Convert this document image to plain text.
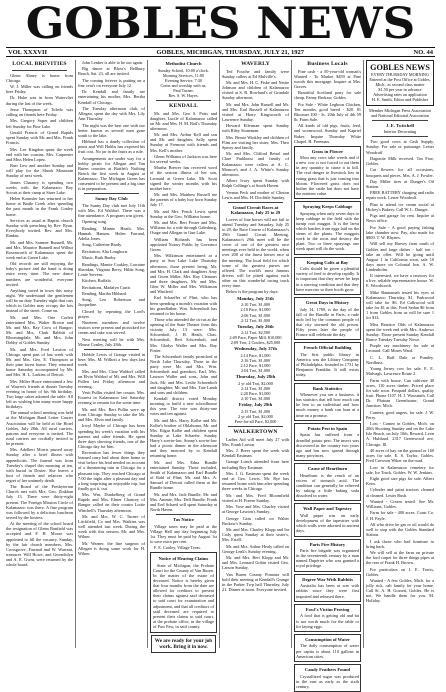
GOBLES NEWS
VOL XXXVII	GOBLES, MICHIGAN, THURSDAY, JULY 21, 1927	NO. 44
LOCAL BREVITIES

Glenn Abney is home from Chicago.

W. J. Miller was calling on friends here Friday.

Dr. Hoke was in from Watervliet during the last of the week.

Jesse Thompson of Toledo was calling on friends here Friday.

Mrs. Gregory Soper and children left Sunday for Pine Lake.

Gerald Francis of Grand Rapids spent Sunday with Mr. and Mrs. Frank Francis.

Mrs. Lee Kingdon spent the week end with her cousins, Mrs. Carpenter and Miss Helen Lopez.

Burr Lew and another Sunday and will play for the Shook Mountain Sunday of next week.

James Chauncy is spending two weeks with the Kalamazoo Boy Scouts at their camp at Stuer Lake.

Helen Kounsler has returned to her home at Battle Creek after spending the past month in the Frank Conley home.

Services as usual at Baptist church Sunday with preaching by Rev. Ryan. Everybody invited. Rev. and Mrs. Rankin.

Mr. and Mrs. Sonmer Bunnell, Mr. and Mrs. Maurice Bunnell and Wilbur Rosenworth of Kalamazoo spent the week end at Green Lake.

Old records are still enjoying the baby's picture and the band is doing extra every time. The new dance numbers are wonderful, everyone invited.

Anything saved in town this noisy night. We understand the gentlemen will be on duty Tuesday night that cars which in Gobles may occupy the lots instead of the street. Come on.

Mr. and Mrs. Orie Corlett entertained Mrs. Walter Brown and Mr. and Mrs. Ray Crow of Bangor; Mr. and Mrs. Clark Babbitt of Bloomingdale, Mr. and Mrs. John Dobby of Gobles Sunday.

Mr. and Mrs. Fred Lawton of Chicago spent part of last week with Mr. and Mrs. Geo. E. Thompson at their pine forest home. They returned home Saturday accompanied by Mr. and Mrs. H. L. Larkins of Detroit.

Mrs. Miller Howe entertained a few of Warren's friends at dinner Tuesday evening in honor of his 9th birthday. Two large cakes adorned the table. All left us wishing him many more happy birthdays.

The annual school meeting was held at the Michigan Band Letter Carrier Association will be held at the Hotel Gobles, July 28th. All rural carriers, patrons and everyone is invited. The rural carriers are cordially invited to be present.

Mrs. Adelbert Morris passed away Sunday after a brief illness with appendicitis. The funeral was from Tuesday's chapel this morning at ten, with burial in Doster. She leaves a host of friends and relatives who regret of her untimely death.

The Board of the Presbyterian Church met with Mrs. Geo. Zinkhan July 13. There were thirty-eight present. The Foreign Mission Circle of Kalamazoo was there. A fine program was followed by a delicious luncheon served by the hostess.

At the meeting of the school board the resignation of Glenn Banfield was accepted and F. H. Moore was appointed to fill the vacancy. Sunday, by the fair church members, Mrs. Crossgrove, Farrand and W. Warrant, treasurer. Will Howe, and Gwendolyn and A. E. Gwnr, were returned by the whole board.

John Lenker is able to be out again.

Big dance at Bloss's Bellbury Beach, Sat. 23, all are invited.

The coming forever is putting on a fine cent's on everyone July 12.

Dr. Kendall and family are entertaining his mother, Mrs. Bertha Kendall of Chicago.

The Tuesday afternoon club, of Allegan, spent the day with Mrs. Lily Ann Thursday.

The night was the best one with our better known as several men gone south to the lake.

Hibbard has a dandy collection of ponts and Will Hobbs has exposed his fruit cost. No jar in the fruits as a rule.

Arrangements are under way for a hobby picnic for Allegan and Van Buren counties at Bartlet's Nothing Beach the first week in August at Kalamazoo. The Michigan Green has consented to be present and a big time is in preparation.

Sunny Day Club

The Sunny Day club met July 11th with Mrs. Ed Waldorf. There was a fine attendance. A program was given.

Opening song.

Reading, Minnie Heath, Mrs. Hannah Hansen, Helen Farrand, Adelia Jones.

Song, Catherine Brady.

Recitation, Alta Longhorn.

Music, Ruth Rueby.

Readings, Mamie Coakley, Lorraine Sheridan, Virginia Berry, Hilda Song, Louie Stevens.

Kitchen, Buffalo

Recitations, Madalyn Curtis

Reading, Martha Hibbard.

Song, Leo Robertson and Jacqueline.

Closed by repeating the Lord's prayer.

Nineteen members and twelve visitors were present and picnicked ice cream and cake was served.

Next meeting will be with Mrs. Mouse Conley, July 28th.

Hobble Lewis of Grange visited in here. Mrs. M. Wilhott a few days last week.

Mrs. and Mrs. Clare Waldorf called on Elvin Waldorf of Mt. and Mrs. Will Fullen last Friday afternoon and evening.

Vesti Pullin visited her cousin, Mrs. Fourest in Kalamazoo last Saturday evening to remain for the some time.

Mr. and Mrs. Bert Pullin were up from Chicago Sunday to take the Mr. and Mrs. Elvin and family.

Irwyl Maybe of Chicago has been spending his week's vacation with his parents and other friends. He spent three days showing friends, one of the Chicago day for him.

Recreation has fewer things they learned carry had about there home to visit before his lead needed on account of a threatening rain in Chicago for a pleasant trip. They reached Chicago at 7:00 the night after a pleasant day and a long surprising an enjoyable trip, but finally got it, out.

Mrs. Wm. Dunkelberg of Grand Rapids and Mrs. Elmer Chancey of Bangor called on their cousin Lottie Winchell's Thursday afternoon.

Mr. and Mrs. W. C. Turner of Litchfield, Co and Mrs. Watkins was well attended last week. During the week with this session, Mr. and Mrs. Wilner.

Mr. Warner, the line surgeon of Allegan is doing some work for H. Wilner.

Methodist Church
Sunday School, 10:00 o'clock.
Morning Services, 11:00
Evening Service, 7:30
Come and worship with us.
Paul Turner.
Rev. S. W. Hayes.
KENDALL

Mr. and Mrs. Geo S. Potts and daughter, Lucile of Kalamazoo called on Mr. and Mrs. H. M. Bail's Thursday afternoon.

Mr. and Mrs. Arthur Kell and son and Mr. and daughter, Sally spent Sunday at Fremont with friends and Mrs. Kell's mother.

Glenn Williams of Jackson was here for several weeks.

Martha Brewer has received word of the serious illness of her son, Leonard at Green Lake. Mr. Scott signed the winter months with his mother here.

Mr. and Mrs. Matthew Russell are the parents of a baby boy born Sunday July 17.

Mr. and Mrs. Fenck Lewis spent Sunday at the Geo. Williams home.

Mr. and Mrs. Bert Foster and Mrs. Williams for a ride through Galesburg, Osage and Allegan in Gun Lake.

William Richards has been appointed Notary Public by Governor Green.

Mrs. Wilkinson entertained at a party at Sun Lake Lake Thursday afternoon, those present being, Mr. and Mrs. H. Clark and daughters Amy and Gwen Miller, Mrs. Ray Clemons and three daughters, Mr. and Mrs. Glen W. Miller and Mrs. Wilkinson and Winifred.

Earl Schaeffer of Flint, who has been spending a month's vacation with his grandfather, Wm. Schoenhoft has returned to his home.

Those who attended the circus at the opening of the State Theater from this vicinity July 13 were: Mrs. Schoenhoft, J. H. Heath, Chas. Schoenhoft, Bert Schoenhoft, and Mrs. Gladys Waller and Mrs. Ray Foster.

The Schoenhoft family picnicked at North Lake Thursday. Those in the party were Mr. and Mrs. Wm. Schoenhoft and grandson, Earl, Mrs. Lawson Waller and sons, John and Jack, Mr. and Mrs. Leslie Schoenhoft and daughter, Mr. and Mrs. Tate Lamb and sons and children.

Kendall district voted Monday morning to build a new schoolhouse this year. The vote was thirty-one votes and ten against.

Mr. and Mrs. Harry Kolbe and Mr. Kolbe's brother of Oklahoma, Mr. and Mrs. Edgar Kolbe and children spent Sunday at Lake Schaefer. Sunday Harry's son-in-law. Sonny's son-in-law had a picnic dinner in the afternoon and they motored by to Kendall returning home.

Mr. and Mrs. Edna Bundle entertained Sunday. Those included, Smith of Kalamazoo and Earl Bundle of Rahl of Flint; Mr. and Mrs. A. Samuel of Detroit called them at the Rundle home.

Mr. and Mrs. Jack Bundle, Mr. and Mrs. Ammie, Mrs. Dell Bundle, Frank and Earl Schaed will spent Saturday at North Haven.

Tax Notice

Village taxes may be paid at the Village Hall any day beginning July 1st. They must be paid by August 1st to save extra per cent.

F. E. Cooley, Village Treas.

Notice of Hearing Claims

State of Michigan, the Probate Court for the County of Van Buren. In the matter of the estate of deceased. Notice is hereby given that four months from the date are allowed for creditors to present their claims against said deceased to said court for examination and adjustment, and that all creditors of said deceased are required to present their claims to said court, at the probate office, in the village of Paw Paw, in said county.

We are ready for your job work. Bring it in now.
WAVERLY

Ted Fouche and family were Sunday callers at Ed Mulville's.

Mr. and Mrs. H. C. Fiske and Nettie Johnson and children of Kalamazoo visited at S. B. Rowland's of Grindale Sunday afternoon.

Mr. and Mrs. John Russell and Mr. and Mrs. Earl Russell of Kalamazoo visited at Harry Kingsworth of Lawrence Sunday.

Howard Eilerman spent Sunday with Riley Stoneman.

Mrs. Bessie Winkley and children of Flint are visiting her sister, Mrs. Theo Sperry and family.

Mr. and Mrs. Clifford Beisel and Clare Parkhurst and family of Kalamazoo were callers at A. C. Monroe's and J. A. White's Sunday afternoon.

Albert Ivory spent Sunday with Ralph Collinge's at South Haven.

Vernon Peck and mother of Clinton Lewis and Mrs. H. Doolittle Sunday.

Grand Circuit Races at Kalamazoo, July 25 to 29

Lovers of fine horses will not fail to attend Tuesday and Saturday, July 25 to 29, the Race Course of Kalamazoo's 29th Grand Circuit Meeting. Kalamazoo's 29th meet will be the cover of one of the greatest race meetings ever held in the world, when over 200 of the finest horses race at the meeting. The local field for which some of the greatest purses are offered. The world's most famous drivers will be pitted against each other on this wonderful racing track every time.

Below is the program by days:

Monday, July 25th
2:10 Trot, $1,000
2:10 Pace, $1,000
2:06 Trot, $1,000
2:12 Trot, $1,000
Tuesday, July 26th
2:12 Trot, $2,500
2:09 Pace, Paper Mill, $10,000
2:09 Trot, 2 Coulers, $25,000
Wednesday, July 27th
2:14 Pace, $1,000
2:16 Trot, $1,000
2:12 Pace, $1,000
2:04 Trot, $1,000
Thursday, July 28th
2 yr old Trot, $2,000
2:14 Trot, $1,000
2:20 Pace, $1,000
2:10 Trot, $1,000
Friday, July 29th
2:15 Trot, $1,000
2 yr old Trot, $2,000
Free-for-all Pace, $2,000
WALKERTOWN

Ladies Aid will meet July 27 with Mrs. Frank Larson.

Mrs. J. Breer spent the week with Kendall Eastman.

Grange Lunch attended from here including Roy Eastman.

Mrs. J. G. Eastman spent the week end at Geo. Lewis. Mr. Rye has returned home with him after spending three weeks in Chicago.

Mr. and Mrs. Fred Bloomfield visited at H. Freese Sunday.

Mrs. Vose and Mrs. Charley visited at George Lawton's Sunday.

George Cain called on Walter Brokaw's Sunday.

Mr. and Mrs. Charley Klopp and Ira Cody spent Sunday at their sister's, Mrs. Estell.

Mr. and Mrs. Arthur Healy called on George Lenk's Sunday evening.

Mr. and Mrs. Bert Klopp and Mr. and Mrs. Leonard Gobin visited Geo. Larson Sunday.

Van Buren County Pomona will hold their meeting at Kendall's Grange in the Parker Twp hall Thursday, July 21. Dinner at noon. Everyone invited.

Business Locals

Fine cash - a 50-year-old woman's Wanted - To Market $459 at Pine woods this mortgage. Inquire at Mrs. Graves.

Beautiful Scotland pony for sale cheap. Fanny Brokaw, Gobles.

For Sale - White Leghorn Chicken, Ten months, good breed - $20. 81 Bloomer 100 - 3c. 20th July of 4th 59 lb. Farm Sale.

All kinds of old pigs, fruits, feed, and wormwood, Sunday and Kapriel Baker. Inquire Thursday White Chapel. H. Freeman.

Grass in Flower

Most any cows take weeds and if a new cow is not forced to eat them in any quantity to cause it to kill. The real danger to livestock lies in eating grass that is just coming into bloom. Flowered grass does not bother the cattle but does not have the nutrient value.

Spraying Keeps Cabbage

Spraying when only seven days to keep cabbage in the field with the turnip root maggot. It is the larva which hatches from eggs laid on the stems of the plants. The maggots work in the roots and destroy the plant. Two or three sprayings one week apart will do the work.

Keeping Colts at Bay

Colts should be given a plentiful variety of feed to develop rapidly. It is important that they never be kept in a starving condition and that they have exercise so their hoofs grow.

Great Days in History

July 14, 1789, is the day of the fall of the Bastille in Paris, a rude mob led by the common people of that city stormed the old prison. Fifty years later the people of France still celebrate the day.

French Official Building

The first public library in America was the Library Company of Philadelphia, founded in 1731 by Benjamin Franklin. It still exists today.

Bank Statistics

Whenever you see a business, it has statistics that tell how much can be lent to an individual and how much money a bank can loan at a time on a promise.

Potato Pest in Spain

Spain has suffered from a dreadful potato pest. The insect was discovered in the country two years ago and has now spread through many provinces.

Cause of Heartburn

Heartburn is the result of an excess of stomach acid. The condition can generally be relieved by taking a little baking soda dissolved in water.

Wall Paper and Tapestry

Wall paper was an early development of the tapestries with which walls were adorned in ancient days.

Paris Fire History

Paris fire brigade was organized in the seventeenth century by a man named Dupérier who was granted a royal privilege.

Degree War With Rabbits

Australia has been at war with rabbits since they were first imported and released there.

Fowl's Victim Proving

A fowl that is getting old and fat is not worth much for the table or for laying eggs.

Consumption of Water

The daily consumption of water per capita is about 110 gallons in American cities.

Candy Feathers Found

Crystallized sugar was produced in the east as early as the sixth century.

GOBLES NEWS
EVERY THURSDAY MORNING
Entered at the Post Office at Gobles, Mich., as second class matter
$1.50 per year in advance
Advertising rates on application
H. E. Smith, Editor and Publisher
Member Michigan Press Association and National Editorial Association
J. E. Twitchell
Interior Decorating

Two good cows at Cash Supply, Sunday. For sale or pasturage. Lester Woodruff.

Dagonite Milk received. Tax Fixe, Gobles.

Cut flowers for all occasions, bouquets and pieces. Mrs. A. J. Fowler.

Day Miller tires at Dunger's Oil Station.

FREE BATTERY charging and radio repair work. Lester Woodruff.

Plan to attend ice cream social at Hickey's Bakery. Call W. L. Dunger.

Pigs and garage for rent. Inquire at News office.

For Sale - A good paying fishing lake chamber now. Pay, also made for $800. T. W. Rhynes.

Will sell my Harvey farm south of Gobles and large dishes - half ton - take an offer. Will be going until August 1 in California soon, sale 10 days more on Colonial Inn. A. W. Lindenholm.

If interested, we have a territory for a live, reliable representative house. W. E. Woodworth.

Mike Bannamah tested his eyes at Kalamazoo Thursday, $1. Parkwood will take for $6. Ed Calkwood will take for $1 at this. Ford Sedan $6 from 1 from Gobles from us will be sure 1 for $14.

Miss Beatrice Olds of Kalamazoo spent the week end with Mrs. Andrews Sunday. Those present Sunday Kendall Bunce Tuesday Tuesday Nowe.

Purple ray machinery for sale at Leonard. Call Moses Ward.

C. L. Buff Dale or Pumley. Nordbuss.

Young Jersey cow for sale. E. E. Mulvagh, Lawrence Route 2.

Farm with house. Can cultivate 40 acres, 110 acres timber. Priced place for sale soon. Postpaid dollars, quality fruit. Phone 1107. H. J. Waxsmith. Call Dr. Plutoan Greenhouse, Grand Junction, Mich.

Camera, good angers, for sale. J. W. Perry.

Lost - Cameo in Gobles, Mich. on 20th Shooting Sunday and on the Lake Isle Beach, on July 10th. Reward. Leon A. Hubbard. 2317 Greenwood ave, Chicago, Ill.

40 acres of hay on the ground or 160 acres for sale. E. S. Taylor, Gobles. Fred Crewson Wiker on the road.

Lost in Kalamazoo cemetery for sale, Ice Truck. Gobles. W. W. Jenkins.

Eight good size pigs for sale. Albert Kern.

Cylinder and paint tractors cleaned at cleaned. Lester Rush.

Wanted - Cream tested. See Mr. Williams, Gobles.

Farm for sale - 400 acres. Coast Co. J. H. Fayle.

All who drive be gas or oil would do well to stop with the Gobles Standard Station.

I ask those who had furniture to bring back.

We will sell at the farm on private the ford carpet for three things pipes at the rear of Frank H. Brown.

For particulars on J. E. Travis, Gobles.

Wanted - A few Gobles, Mich. for a jolly rick, calt family for your home. Call St. A. H. Gossett, Gobles. He is not. We handle them for you. M. Holiday.
